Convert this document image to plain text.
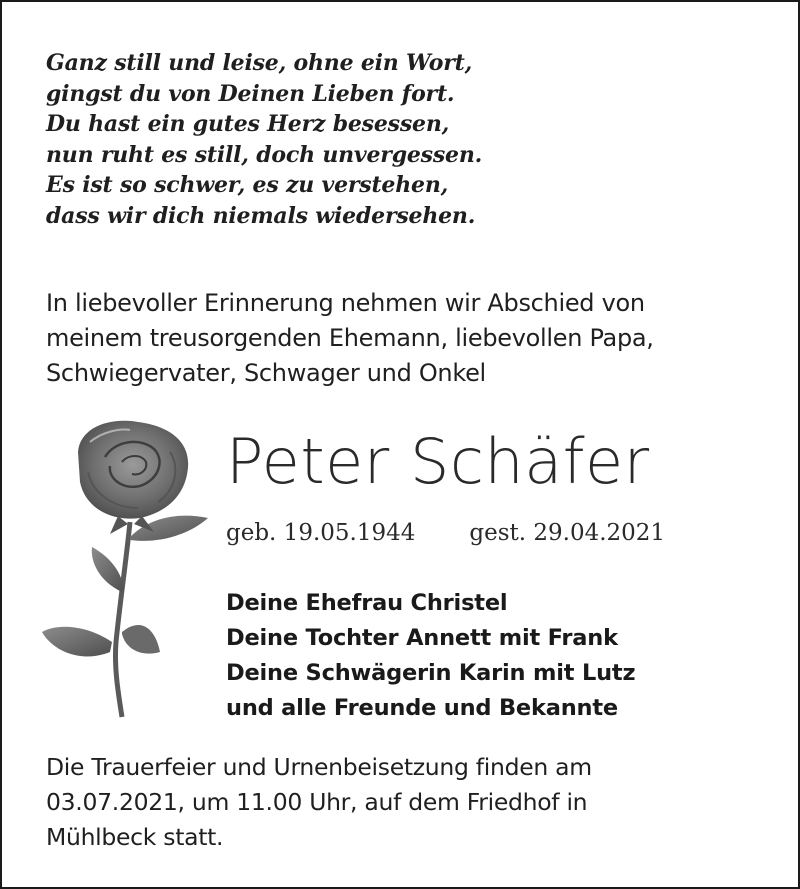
Ganz still und leise, ohne ein Wort,
gingst du von Deinen Lieben fort.
Du hast ein gutes Herz besessen,
nun ruht es still, doch unvergessen.
Es ist so schwer, es zu verstehen,
dass wir dich niemals wiedersehen.
In liebevoller Erinnerung nehmen wir Abschied von
meinem treusorgenden Ehemann, liebevollen Papa,
Schwiegervater, Schwager und Onkel
Peter Schäfer
geb. 19.05.1944 gest. 29.04.2021
Deine Ehefrau Christel
Deine Tochter Annett mit Frank
Deine Schwägerin Karin mit Lutz
und alle Freunde und Bekannte
Die Trauerfeier und Urnenbeisetzung finden am
03.07.2021, um 11.00 Uhr, auf dem Friedhof in
Mühlbeck statt.
